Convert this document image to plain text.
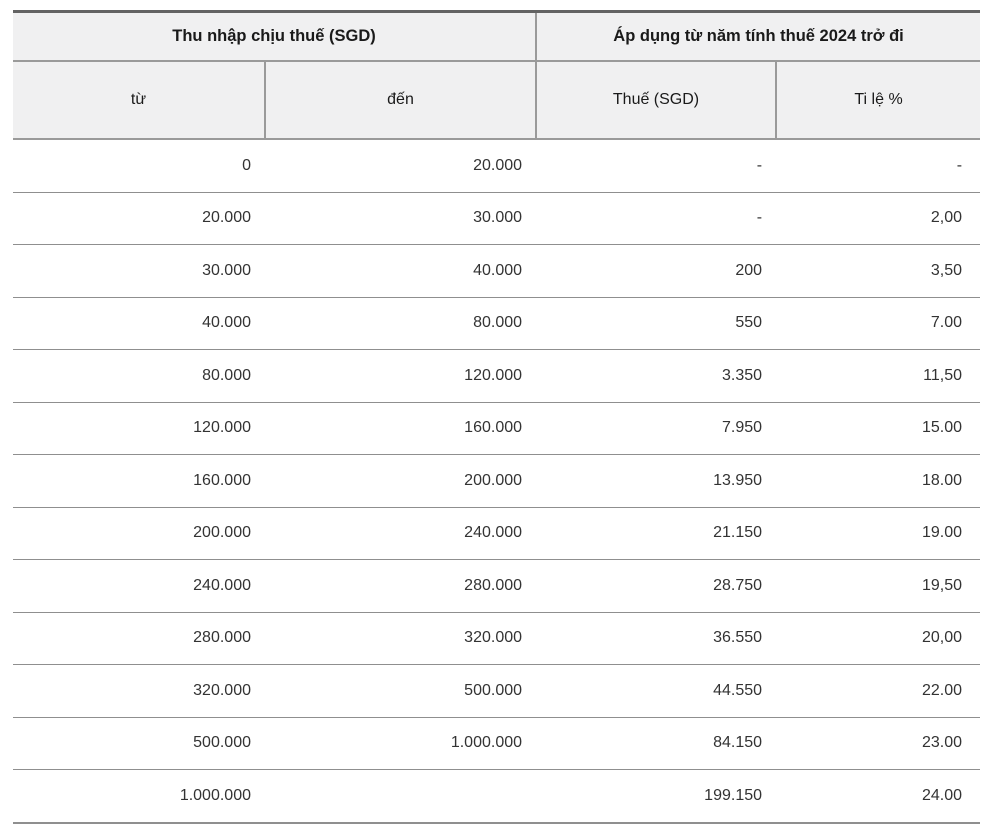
Thu nhập chịu thuế (SGD)		Áp dụng từ năm tính thuế 2024 trở đi	
từ	đến	Thuế (SGD)	Ti lệ %
0	20.000	-	-
20.000	30.000	-	2,00
30.000	40.000	200	3,50
40.000	80.000	550	7.00
80.000	120.000	3.350	11,50
120.000	160.000	7.950	15.00
160.000	200.000	13.950	18.00
200.000	240.000	21.150	19.00
240.000	280.000	28.750	19,50
280.000	320.000	36.550	20,00
320.000	500.000	44.550	22.00
500.000	1.000.000	84.150	23.00
1.000.000		199.150	24.00
